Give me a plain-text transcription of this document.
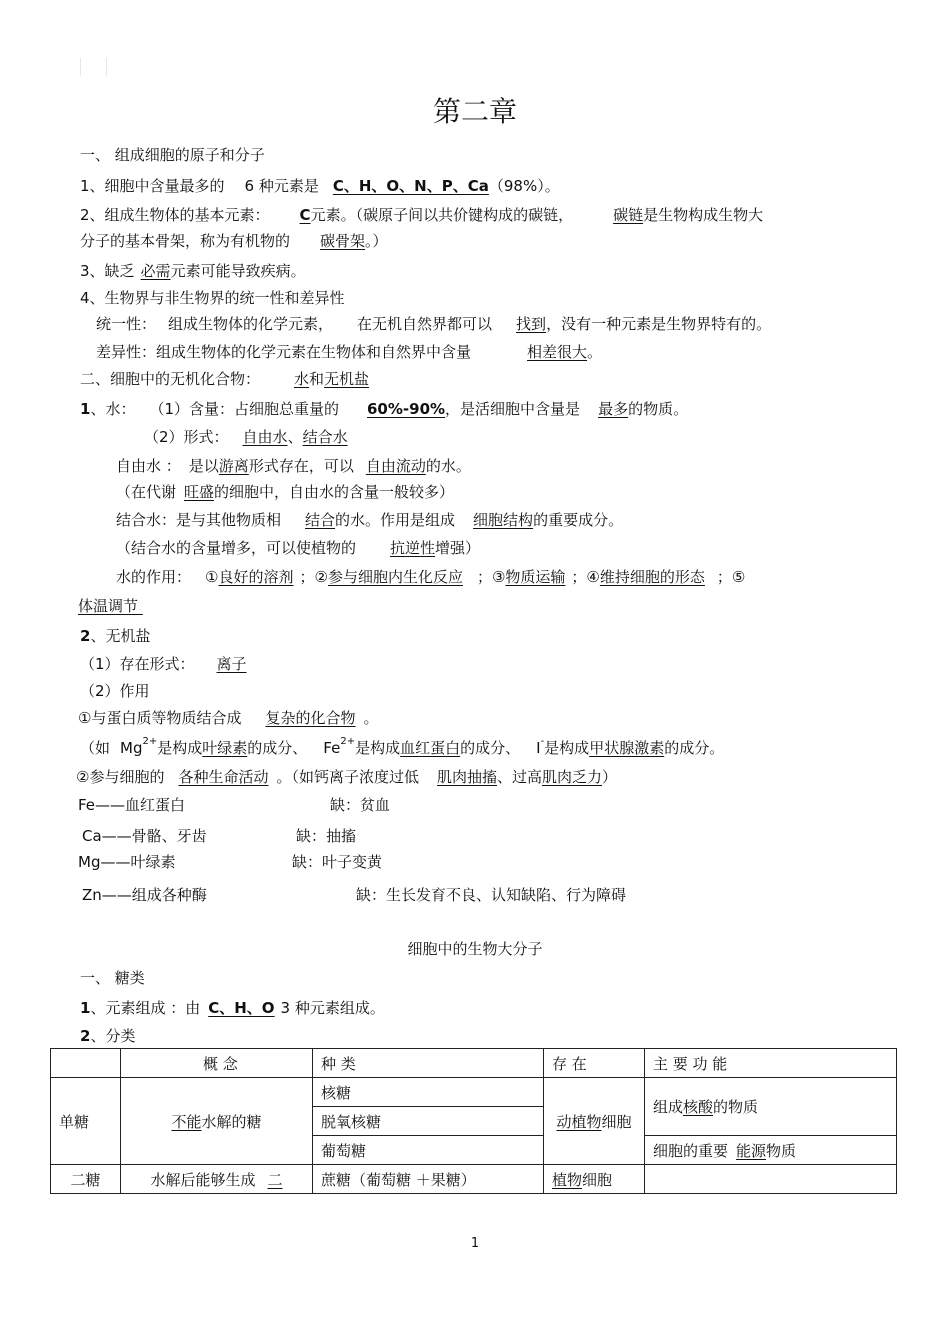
第二章
一、 组成细胞的原子和分子
1、细胞中含量最多的 6 种元素是 C、H、O、N、P、Ca（98%）。
2、组成生物体的基本元素： C元素。（碳原子间以共价键构成的碳链，	碳链是生物构成生物大
分子的基本骨架，称为有机物的 碳骨架。）
3、缺乏 必需元素可能导致疾病。
4、生物界与非生物界的统一性和差异性
统一性： 组成生物体的化学元素， 在无机自然界都可以 找到，没有一种元素是生物界特有的。
差异性：组成生物体的化学元素在生物体和自然界中含量	相差很大。
二、细胞中的无机化合物： 水和无机盐
1、水： （1）含量：占细胞总重量的 60%-90%，是活细胞中含量是 最多的物质。
（2）形式： 自由水、结合水
自由水 ： 是以游离形式存在，可以 自由流动的水。
（在代谢 旺盛的细胞中，自由水的含量一般较多）
结合水：是与其他物质相 结合的水。作用是组成 细胞结构的重要成分。
（结合水的含量增多，可以使植物的 抗逆性增强）
水的作用： ①良好的溶剂 ；②参与细胞内生化反应 ；③物质运输 ；④维持细胞的形态 ；⑤
体温调节
2、无机盐
（1）存在形式： 离子
（2）作用
①与蛋白质等物质结合成 复杂的化合物 。
（如 $Mg^{2+}$是构成叶绿素的成分、 $Fe^{2+}$是构成血红蛋白的成分、 I-是构成甲状腺激素的成分。
②参与细胞的 各种生命活动 。（如钙离子浓度过低 肌肉抽搐、过高肌肉乏力）
Fe——血红蛋白	缺：贫血
Ca——骨骼、牙齿	缺：抽搐
Mg——叶绿素	缺：叶子变黄
Zn——组成各种酶	缺：生长发育不良、认知缺陷、行为障碍
细胞中的生物大分子
一、 糖类
1、元素组成 ：由 C、H、O 3 种元素组成。
2、分类
	概 念	种 类	存 在	主 要 功 能
单糖	不能水解的糖	核糖	动植物细胞	组成核酸的物质
		脱氧核糖		
		葡萄糖		细胞的重要 能源物质
二糖	水解后能够生成 二	蔗糖（葡萄糖 ＋果糖）	植物细胞	
1
